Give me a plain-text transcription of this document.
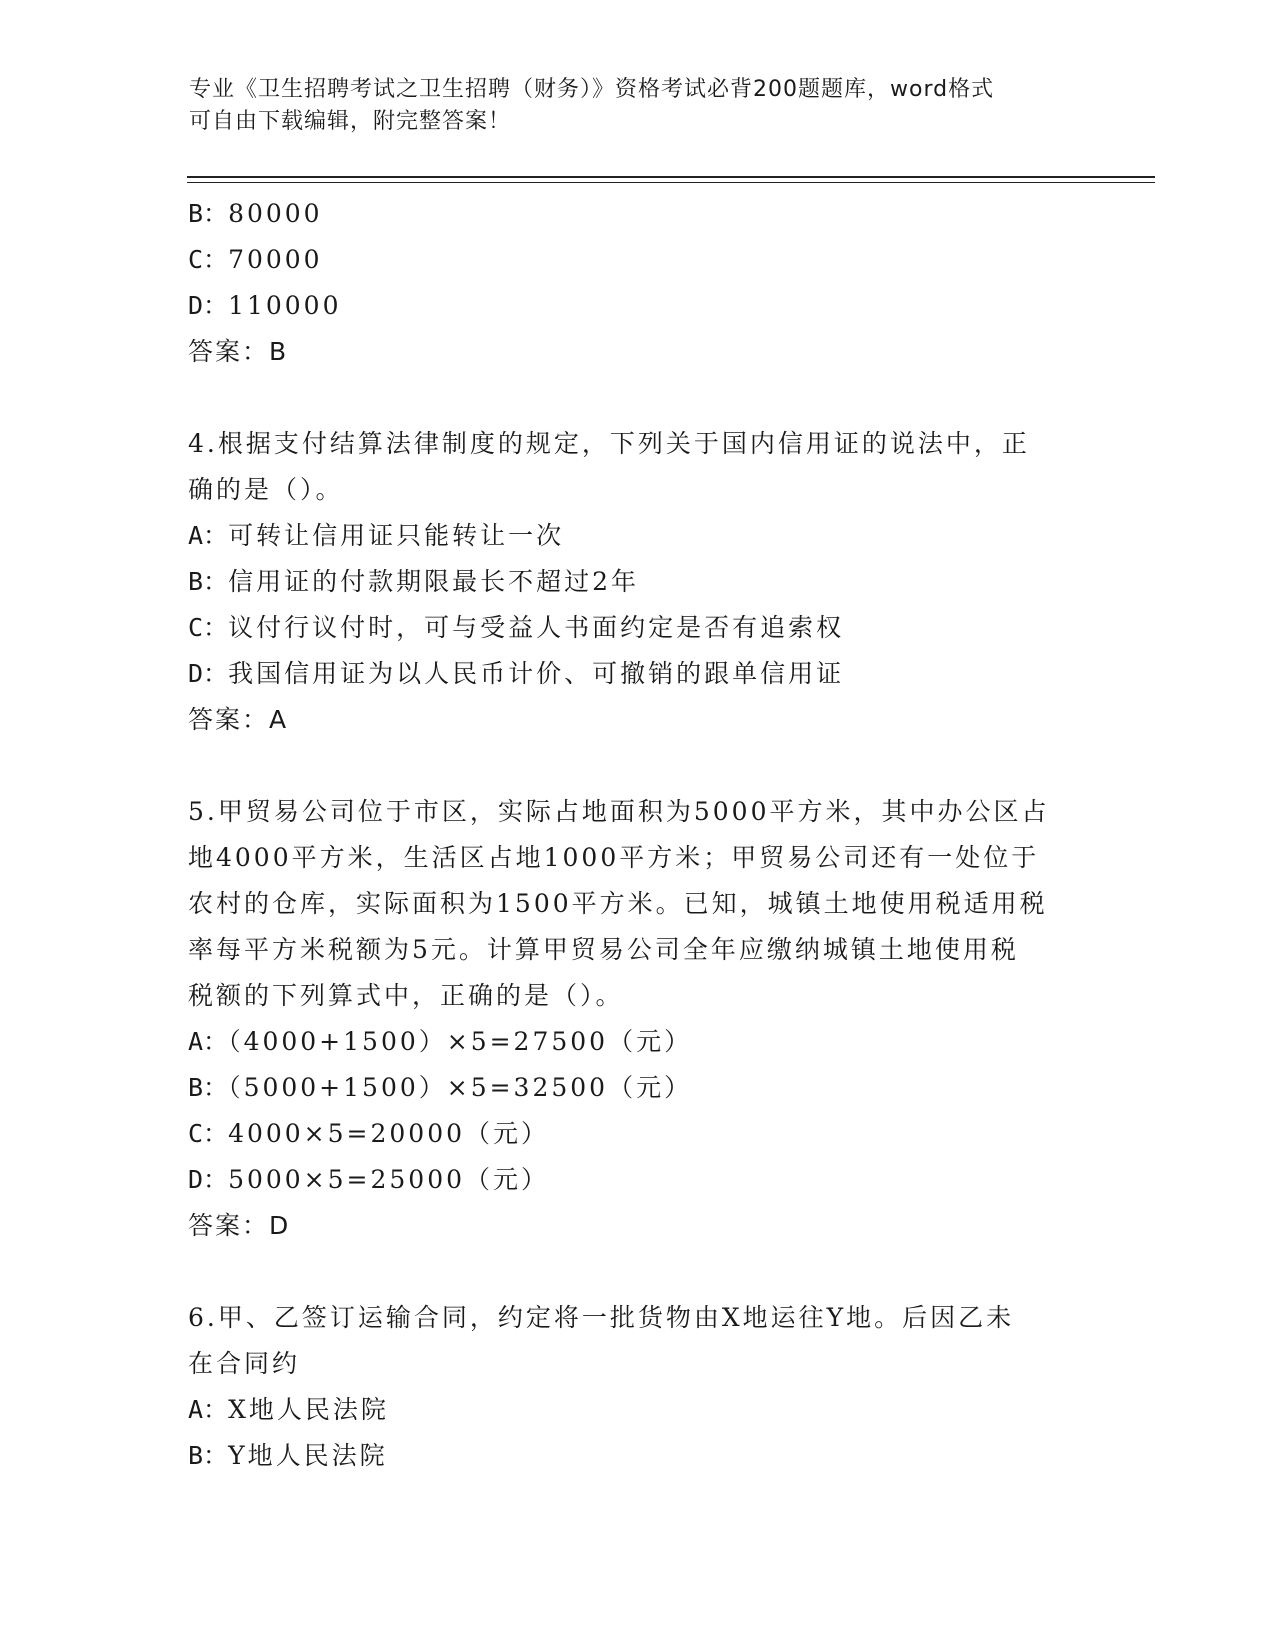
专业《卫生招聘考试之卫生招聘（财务）》资格考试必背200题题库，word格式
可自由下载编辑，附完整答案！
B：80000
C：70000
D：110000
答案：B
4.根据支付结算法律制度的规定，下列关于国内信用证的说法中，正
确的是（）。
A：可转让信用证只能转让一次
B：信用证的付款期限最长不超过2年
C：议付行议付时，可与受益人书面约定是否有追索权
D：我国信用证为以人民币计价、可撤销的跟单信用证
答案：A
5.甲贸易公司位于市区，实际占地面积为5000平方米，其中办公区占
地4000平方米，生活区占地1000平方米；甲贸易公司还有一处位于
农村的仓库，实际面积为1500平方米。已知，城镇土地使用税适用税
率每平方米税额为5元。计算甲贸易公司全年应缴纳城镇土地使用税
税额的下列算式中，正确的是（）。
A：（4000+1500）×5=27500（元）
B：（5000+1500）×5=32500（元）
C：4000×5=20000（元）
D：5000×5=25000（元）
答案：D
6.甲、乙签订运输合同，约定将一批货物由X地运往Y地。后因乙未
在合同约
A：X地人民法院
B：Y地人民法院
